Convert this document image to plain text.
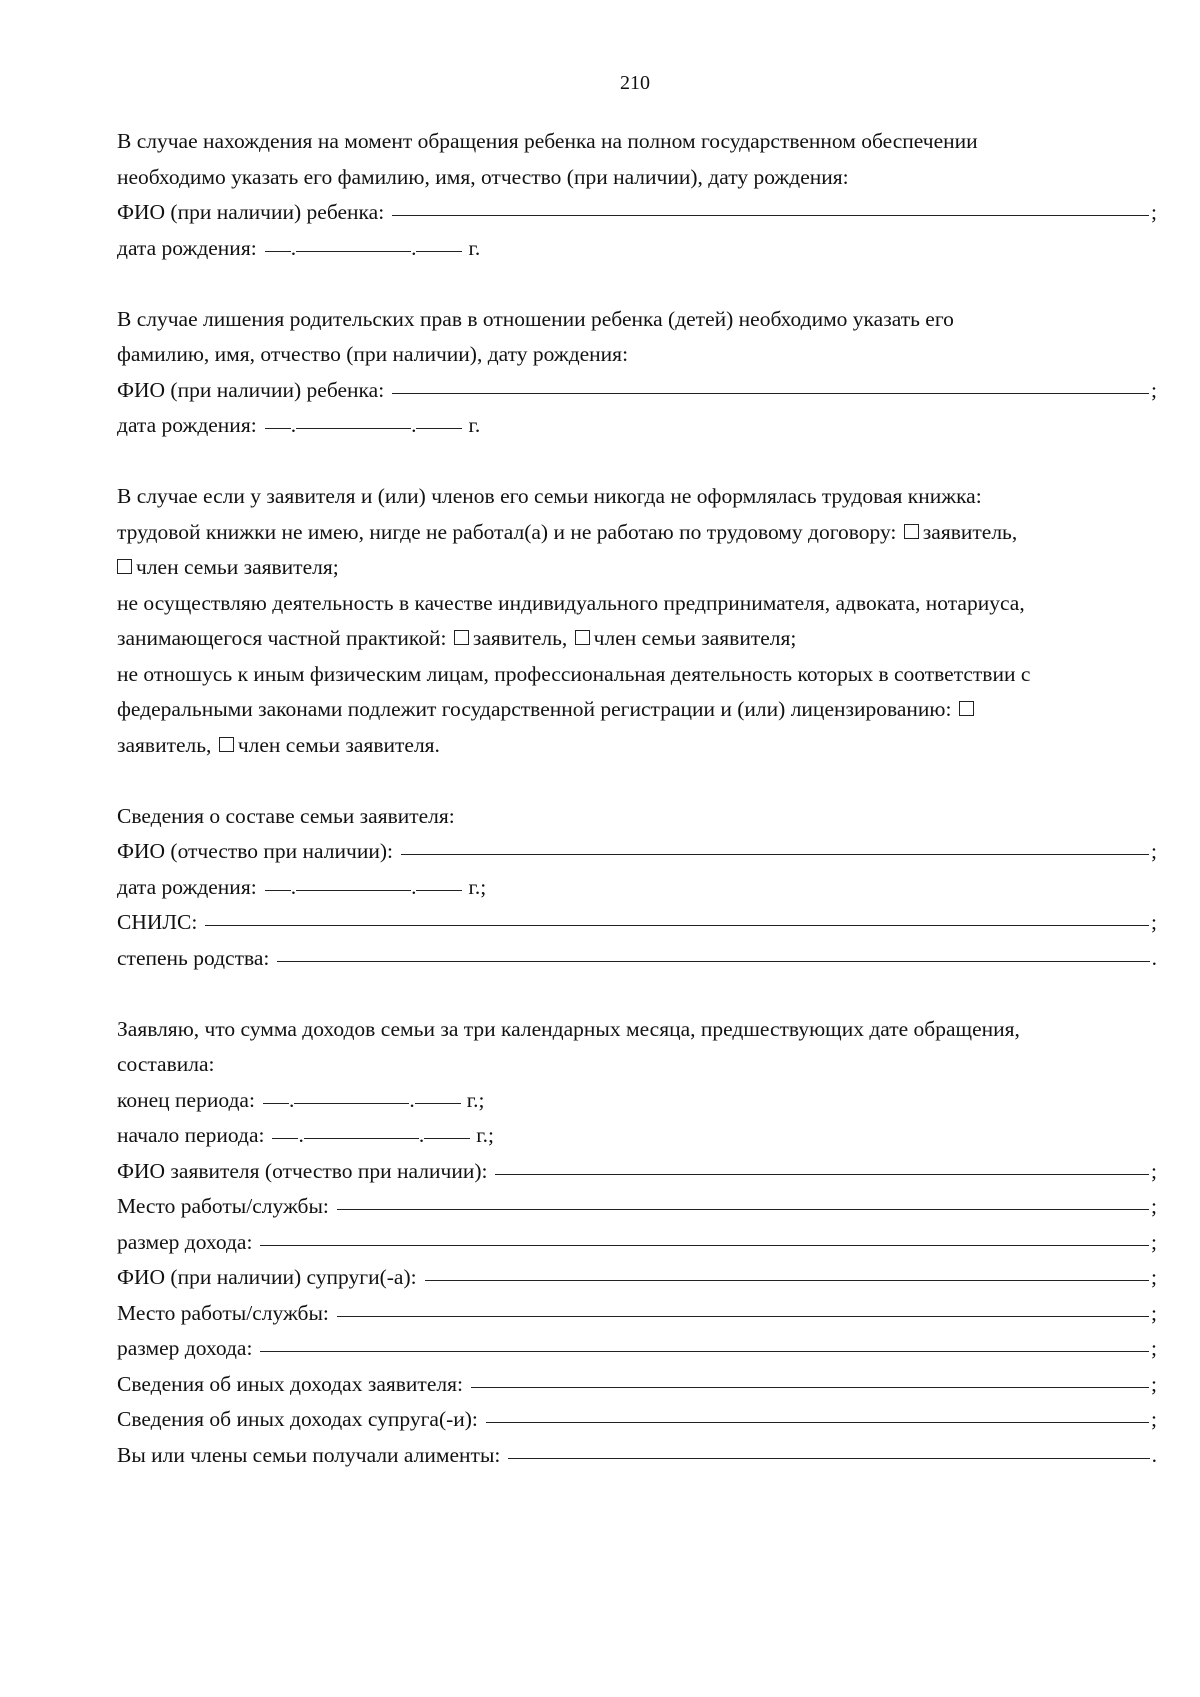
210
В случае нахождения на момент обращения ребенка на полном государственном обеспечении
необходимо указать его фамилию, имя, отчество (при наличии), дату рождения:
ФИО (при наличии) ребенка:	;
дата рождения: .	. г.
В случае лишения родительских прав в отношении ребенка (детей) необходимо указать его
фамилию, имя, отчество (при наличии), дату рождения:
ФИО (при наличии) ребенка:	;
дата рождения: .	. г.
В случае если у заявителя и (или) членов его семьи никогда не оформлялась трудовая книжка:
трудовой книжки не имею, нигде не работал(а) и не работаю по трудовому договору:
заявитель,
член семьи заявителя;
не осуществляю деятельность в качестве индивидуального предпринимателя, адвоката, нотариуса,
занимающегося частной практикой:
заявитель,
член семьи заявителя;
не отношусь к иным физическим лицам, профессиональная деятельность которых в соответствии с
федеральными законами подлежит государственной регистрации и (или) лицензированию:

заявитель,
член семьи заявителя.
Сведения о составе семьи заявителя:
ФИО (отчество при наличии):	;
дата рождения: .	. г.;
СНИЛС:	;
степень родства:	.
Заявляю, что сумма доходов семьи за три календарных месяца, предшествующих дате обращения,
составила:
конец периода: .	. г.;
начало периода: .	. г.;
ФИО заявителя (отчество при наличии):	;
Место работы/службы:	;
размер дохода:	;
ФИО (при наличии) супруги(-а):	;
Место работы/службы:	;
размер дохода:	;
Сведения об иных доходах заявителя:	;
Сведения об иных доходах супруга(-и):	;
Вы или члены семьи получали алименты:	.
